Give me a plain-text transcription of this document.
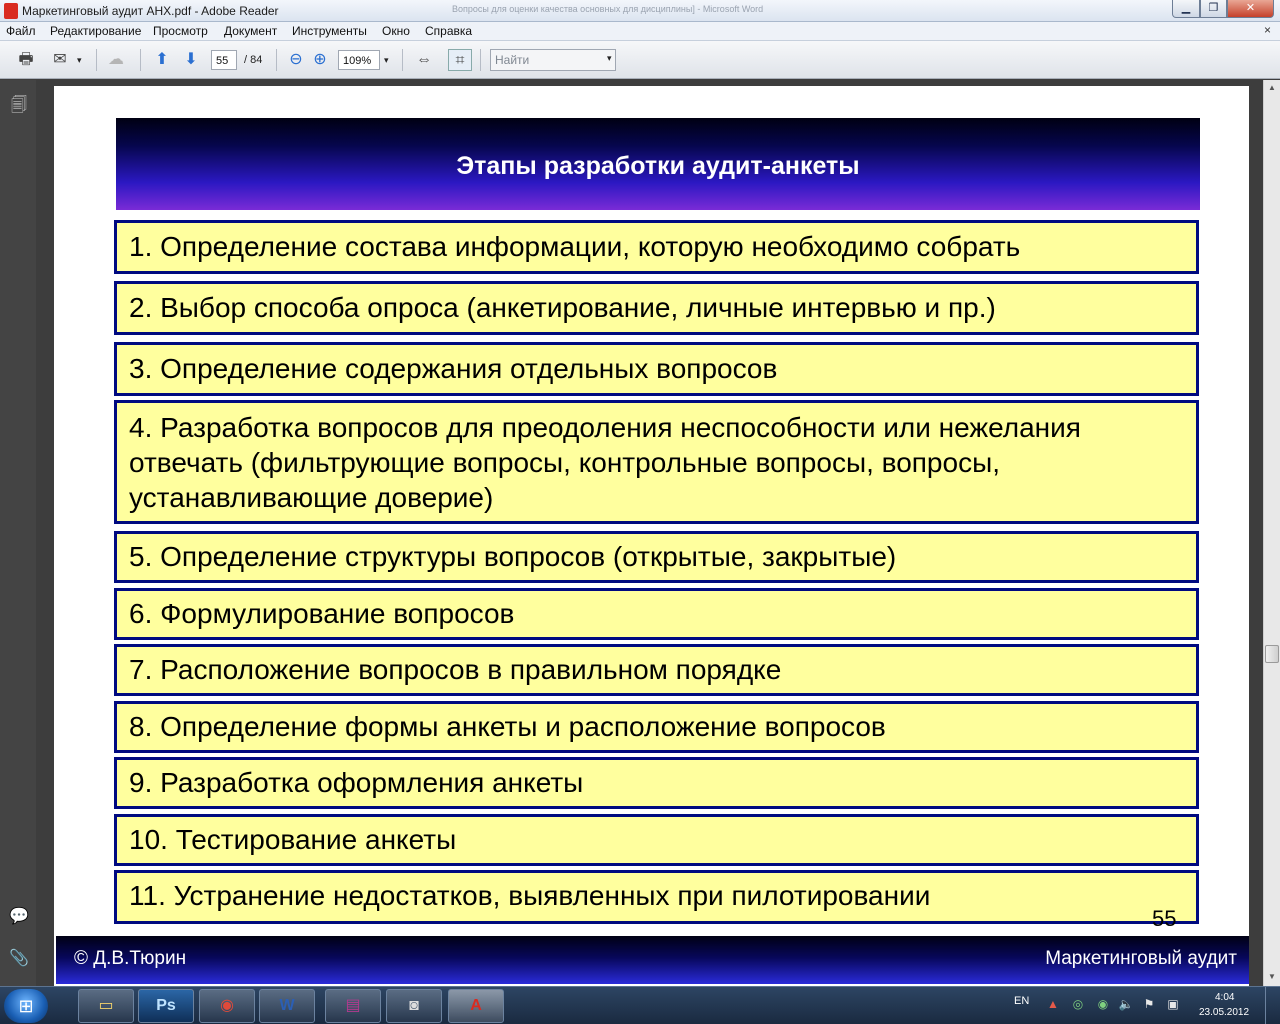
Маркетинговый аудит АНХ.pdf - Adobe Reader	Вопросы для оценки качества основных для дисциплины] - Microsoft Word	▁	❐	✕
Файл Редактирование Просмотр Документ Инструменты Окно Справка	×
🖶	✉	▾ ☁	⬆ ⬇	55	/ 84	⊖ ⊕	109%	▾ ⇔	⌗	Найти	▾
🗐
💬
📎
Этапы разработки аудит-анкеты
1. Определение состава информации, которую необходимо собрать
2. Выбор способа опроса (анкетирование, личные интервью и пр.)
3. Определение содержания отдельных вопросов
4. Разработка вопросов для преодоления неспособности или нежелания отвечать (фильтрующие вопросы, контрольные вопросы, вопросы, устанавливающие доверие)
5. Определение структуры вопросов (открытые, закрытые)
6. Формулирование вопросов
7. Расположение вопросов в правильном порядке
8. Определение формы анкеты и расположение вопросов
9. Разработка оформления анкеты
10. Тестирование анкеты
11. Устранение недостатков, выявленных при пилотировании
55
© Д.В.Тюрин	Маркетинговый аудит
▲
▼
⊞	▭	Ps	◉	W	▤	◙	A	EN ▲ ◎ ◉ 🔈 ⚑ ▣	4:04
23.05.2012
